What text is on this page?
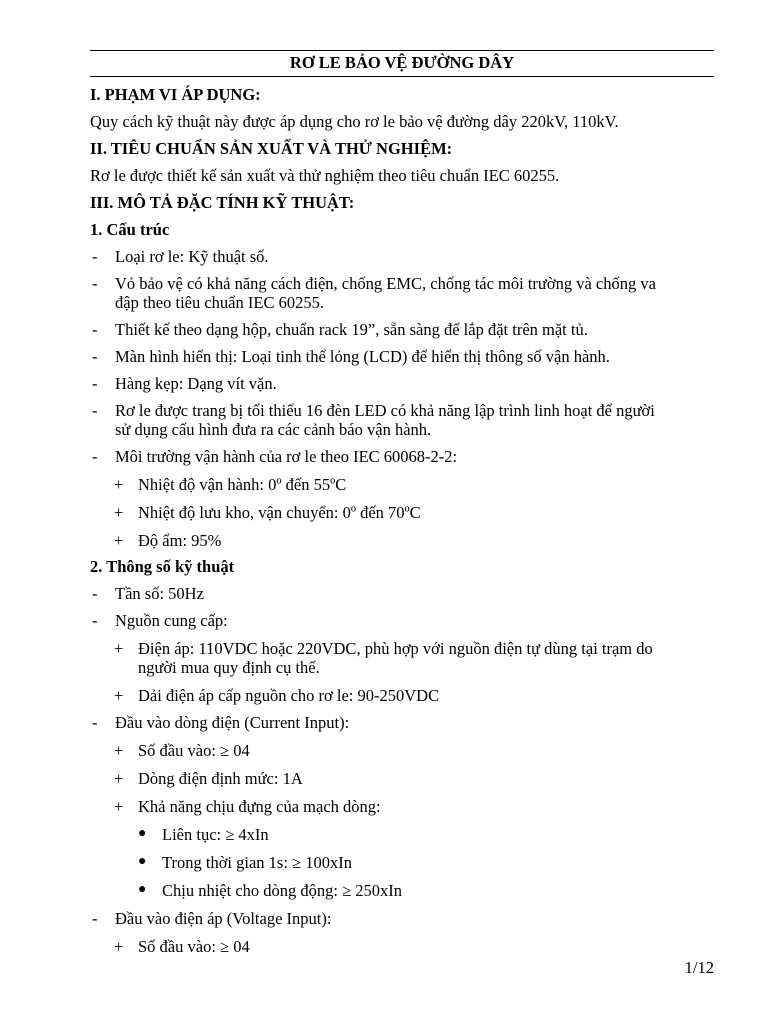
RƠ LE BẢO VỆ ĐƯỜNG DÂY
I. PHẠM VI ÁP DỤNG:
Quy cách kỹ thuật này được áp dụng cho rơ le bảo vệ đường dây 220kV, 110kV.
II. TIÊU CHUẨN SẢN XUẤT VÀ THỬ NGHIỆM:
Rơ le được thiết kế sản xuất và thử nghiệm theo tiêu chuẩn IEC 60255.
III. MÔ TẢ ĐẶC TÍNH KỸ THUẬT:
1. Cấu trúc
- Loại rơ le: Kỹ thuật số.
- Vỏ bảo vệ có khả năng cách điện, chống EMC, chống tác môi trường và chống va
đập theo tiêu chuẩn IEC 60255.
- Thiết kế theo dạng hộp, chuẩn rack 19”, sẵn sàng để lắp đặt trên mặt tủ.
- Màn hình hiển thị: Loại tinh thể lỏng (LCD) để hiển thị thông số vận hành.
- Hàng kẹp: Dạng vít vặn.
- Rơ le được trang bị tối thiểu 16 đèn LED có khả năng lập trình linh hoạt để người
sử dụng cấu hình đưa ra các cảnh báo vận hành.
- Môi trường vận hành của rơ le theo IEC 60068-2-2:
+ Nhiệt độ vận hành: 0º đến 55ºC
+ Nhiệt độ lưu kho, vận chuyển: 0º đến 70ºC
+ Độ ẩm: 95%
2. Thông số kỹ thuật
- Tần số: 50Hz
- Nguồn cung cấp:
+ Điện áp: 110VDC hoặc 220VDC, phù hợp với nguồn điện tự dùng tại trạm do
người mua quy định cụ thể.
+ Dải điện áp cấp nguồn cho rơ le: 90-250VDC
- Đầu vào dòng điện (Current Input):
+ Số đầu vào: ≥ 04
+ Dòng điện định mức: 1A
+ Khả năng chịu đựng của mạch dòng:
● Liên tục: ≥ 4xIn
● Trong thời gian 1s: ≥ 100xIn
● Chịu nhiệt cho dòng động: ≥ 250xIn
- Đầu vào điện áp (Voltage Input):
+ Số đầu vào: ≥ 04
1/12
